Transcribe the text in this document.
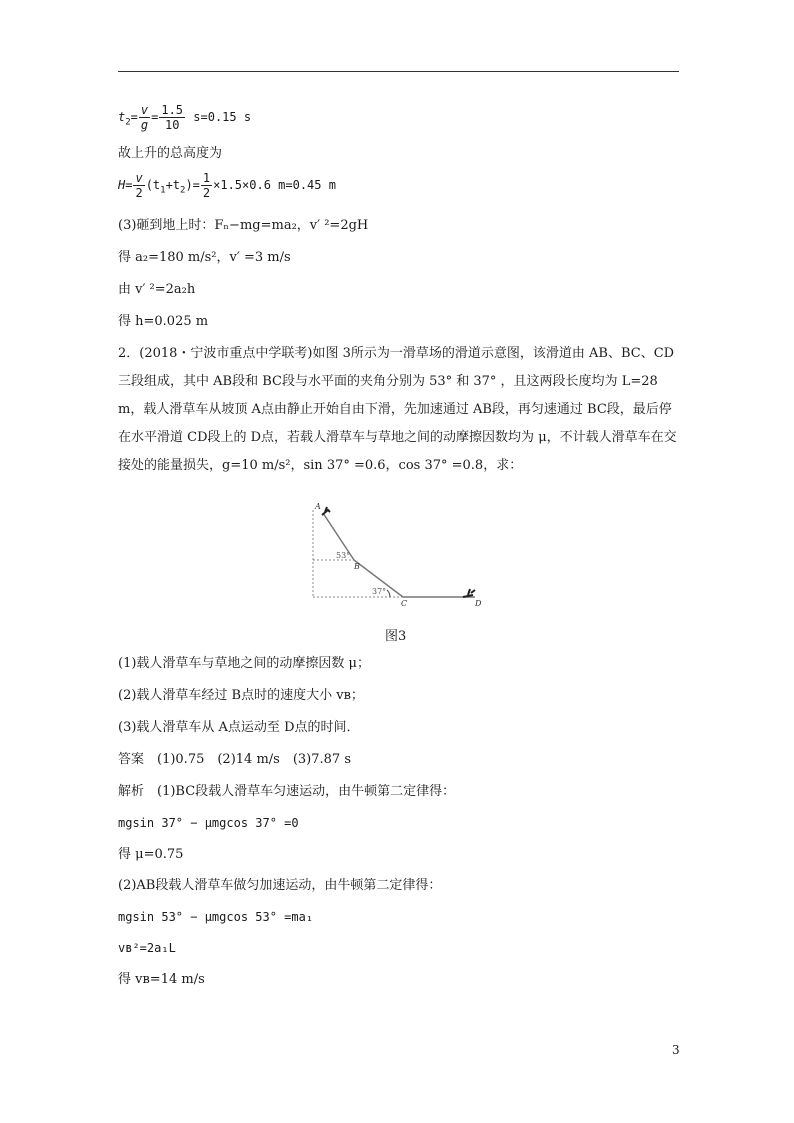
$t_2= \frac{v}{g} = \frac{1.5}{10} s=0.15$ s
故上升的总高度为
$H= \frac{v}{2} (t_1+t_2)= \frac{1}{2} \times 1.5\times 0.6$ m=0.45 m
(3)砸到地上时：Fₙ−mg=ma₂，v′ ²=2gH
得 a₂=180 m/s²，v′ =3 m/s
由 v′ ²=2a₂h
得 h=0.025 m
2．(2018・宁波市重点中学联考)如图 3所示为一滑草场的滑道示意图，该滑道由 AB、BC、CD 三段组成，其中 AB段和 BC段与水平面的夹角分别为 53° 和 37° ，且这两段长度均为 L=28 m，载人滑草车从坡顶 A点由静止开始自由下滑，先加速通过 AB段，再匀速通过 BC段，最后停在水平滑道 CD段上的 D点，若载人滑草车与草地之间的动摩擦因数均为 μ，不计载人滑草车在交接处的能量损失，g=10 m/s²，sin 37° =0.6，cos 37° =0.8，求：
A
B
C	D
53°
37°
图3
(1)载人滑草车与草地之间的动摩擦因数 μ；
(2)载人滑草车经过 B点时的速度大小 vʙ；
(3)载人滑草车从 A点运动至 D点的时间．
答案　(1)0.75　(2)14 m/s　(3)7.87 s
解析　(1)BC段载人滑草车匀速运动，由牛顿第二定律得：
mgsin 37° − μmgcos 37° =0
得 μ=0.75
(2)AB段载人滑草车做匀加速运动，由牛顿第二定律得：
mgsin 53° − μmgcos 53° =ma₁
vʙ²=2a₁L
得 vʙ=14 m/s
3
